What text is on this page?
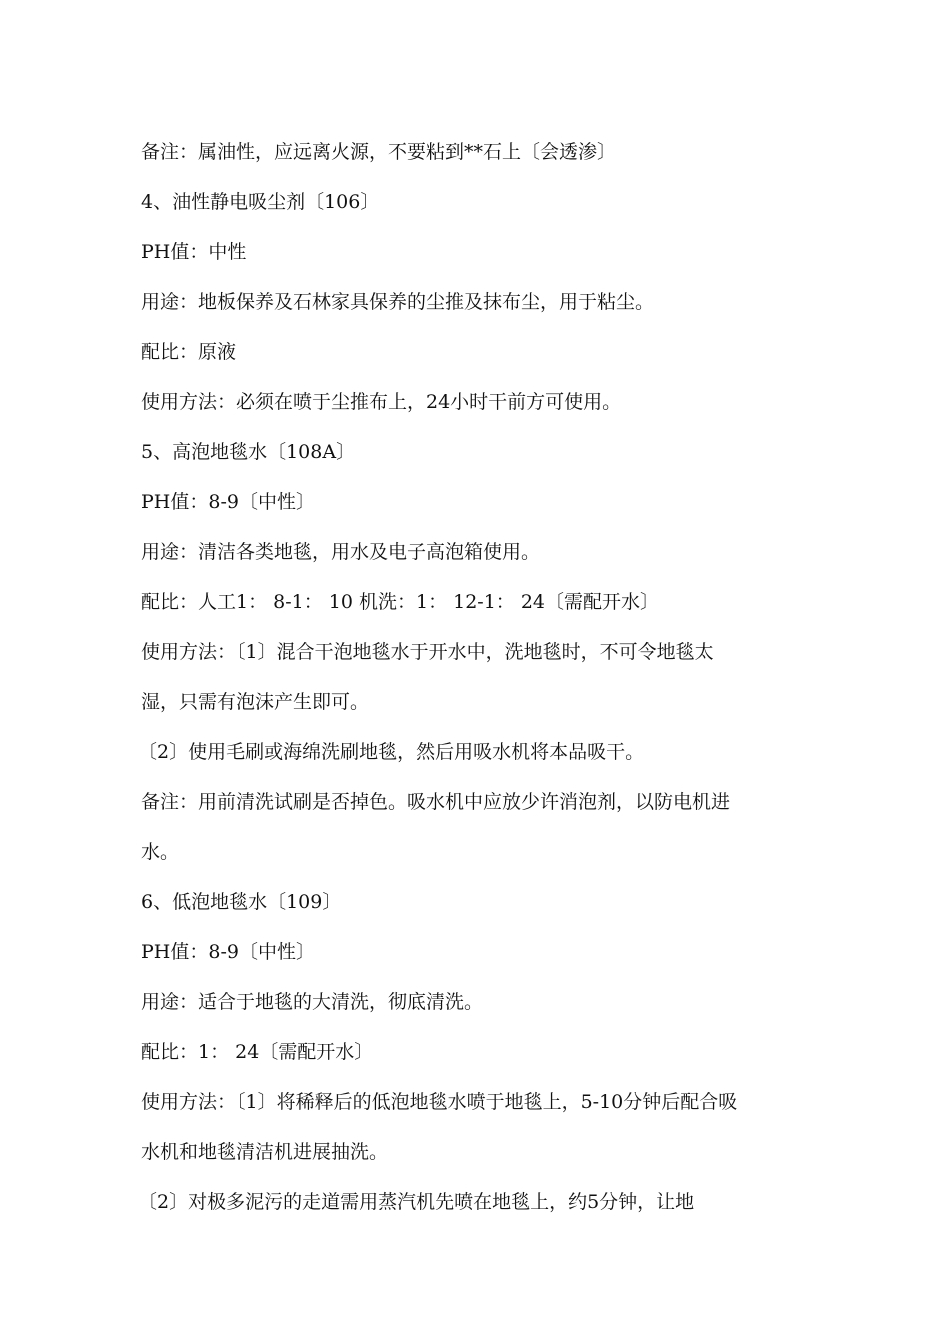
备注：属油性，应远离火源，不要粘到**石上〔会透渗〕
4、油性静电吸尘剂〔106〕
PH值：中性
用途：地板保养及石林家具保养的尘推及抹布尘，用于粘尘。
配比：原液
使用方法：必须在喷于尘推布上，24小时干前方可使用。
5、高泡地毯水〔108A〕
PH值：8-9〔中性〕
用途：清洁各类地毯，用水及电子高泡箱使用。
配比：人工1： 8-1： 10 机洗：1： 12-1： 24〔需配开水〕
使用方法：〔1〕混合干泡地毯水于开水中，洗地毯时，不可令地毯太
湿，只需有泡沫产生即可。
〔2〕使用毛刷或海绵洗刷地毯，然后用吸水机将本品吸干。
备注：用前清洗试刷是否掉色。吸水机中应放少许消泡剂，以防电机进
水。
6、低泡地毯水〔109〕
PH值：8-9〔中性〕
用途：适合于地毯的大清洗，彻底清洗。
配比：1： 24〔需配开水〕
使用方法：〔1〕将稀释后的低泡地毯水喷于地毯上，5-10分钟后配合吸
水机和地毯清洁机进展抽洗。
〔2〕对极多泥污的走道需用蒸汽机先喷在地毯上，约5分钟，让地
